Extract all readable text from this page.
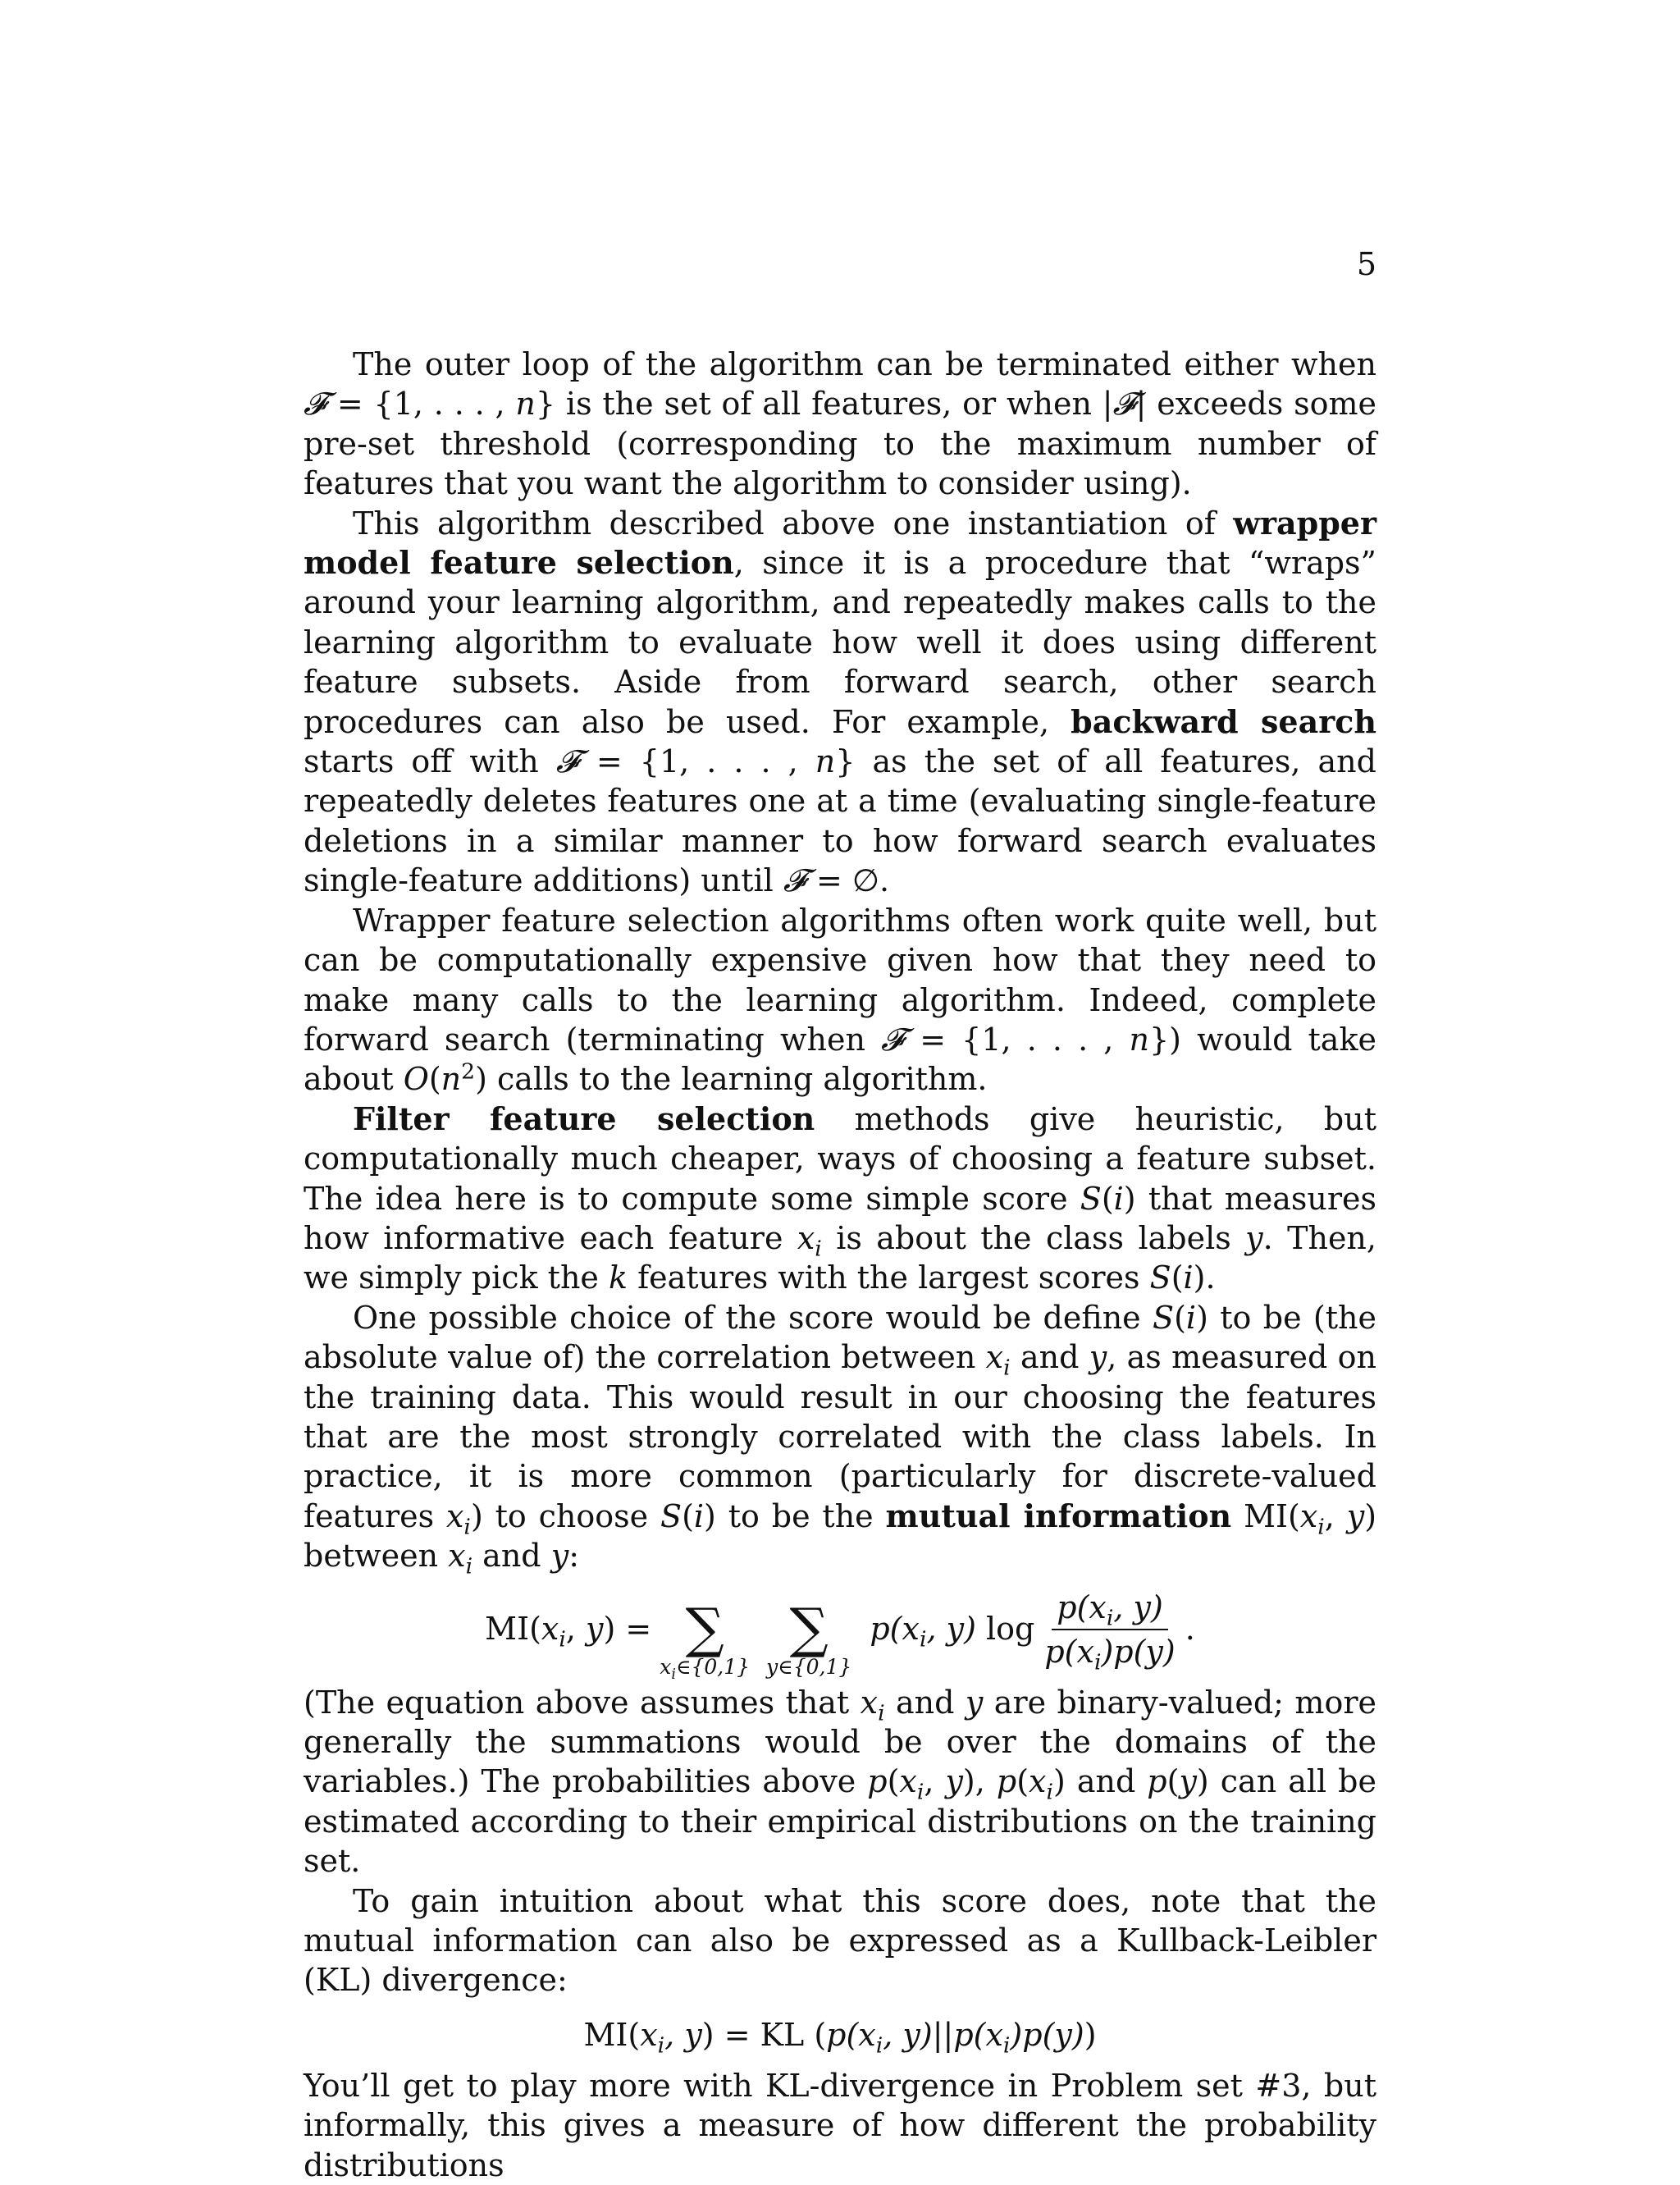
5

The outer loop of the algorithm can be terminated either when 𝓕 = {1, . . . , n} is the set of all features, or when |𝓕| exceeds some pre-set threshold (corresponding to the maximum number of features that you want the algorithm to consider using).

This algorithm described above one instantiation of wrapper model feature selection, since it is a procedure that “wraps” around your learning algorithm, and repeatedly makes calls to the learning algorithm to evaluate how well it does using different feature subsets. Aside from forward search, other search procedures can also be used. For example, backward search starts off with 𝓕 = {1, . . . , n} as the set of all features, and repeatedly deletes features one at a time (evaluating single-feature deletions in a similar manner to how forward search evaluates single-feature additions) until 𝓕 = ∅.

Wrapper feature selection algorithms often work quite well, but can be computationally expensive given how that they need to make many calls to the learning algorithm. Indeed, complete forward search (terminating when 𝓕 = {1, . . . , n}) would take about $O(n^2)$ calls to the learning algorithm.

Filter feature selection methods give heuristic, but computationally much cheaper, ways of choosing a feature subset. The idea here is to compute some simple score S(i) that measures how informative each feature $x_i$ is about the class labels y. Then, we simply pick the k features with the largest scores S(i).

One possible choice of the score would be define S(i) to be (the absolute value of) the correlation between $x_i$ and y, as measured on the training data. This would result in our choosing the features that are the most strongly correlated with the class labels. In practice, it is more common (particularly for discrete-valued features $x_i$) to choose S(i) to be the mutual information $MI(x_i$, y) between $x_i$ and y:

$MI(x_i$, y) = ∑
$x_i\in\{0,1\}$
∑
y∈{0,1}
$p(x_i$, y) $\log \frac{p(x_i, y)}{p(x_i)p(y)}$ .

(The equation above assumes that $x_i$ and y are binary-valued; more generally the summations would be over the domains of the variables.) The probabilities above $p(x_i$, y), $p(x_i)$ and p(y) can all be estimated according to their empirical distributions on the training set.

To gain intuition about what this score does, note that the mutual information can also be expressed as a Kullback-Leibler (KL) divergence:

$MI(x_i$, y) = KL ($p(x_i$, $y)||p(x_i)p(y)$)

You’ll get to play more with KL-divergence in Problem set #3, but informally, this gives a measure of how different the probability distributions
